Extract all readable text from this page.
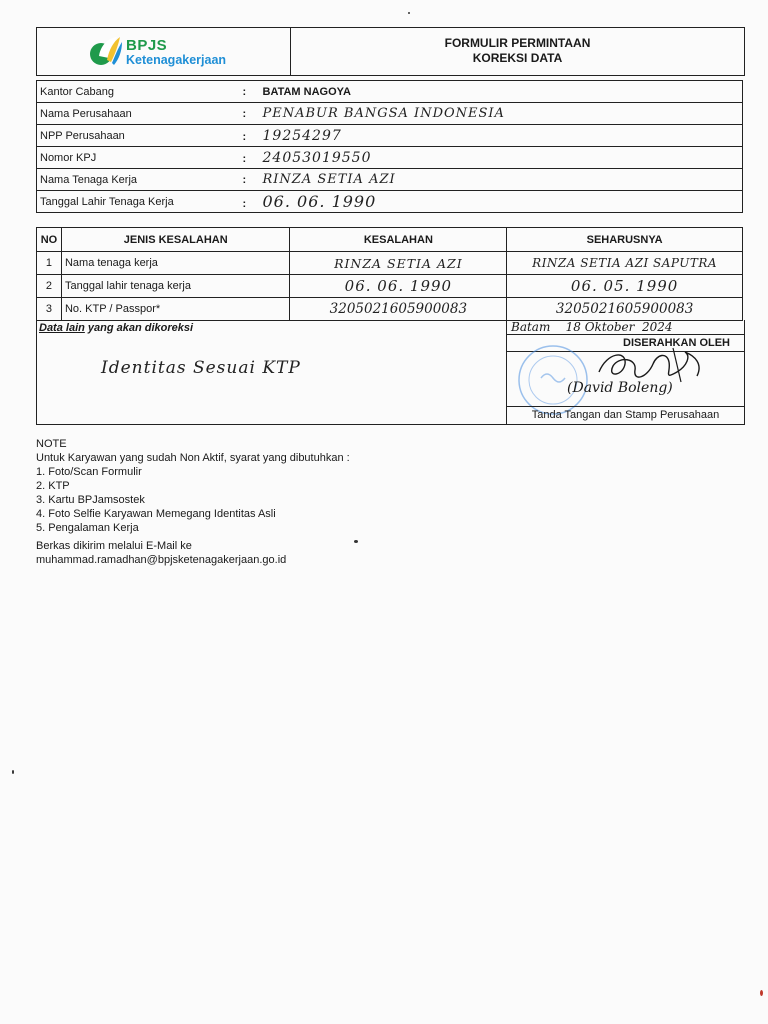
BPJS
Ketenagakerjaan
FORMULIR PERMINTAAN
KOREKSI DATA
Kantor Cabang	: BATAM NAGOYA
Nama Perusahaan	: PENABUR BANGSA INDONESIA
NPP Perusahaan	: 19254297
Nomor KPJ	: 24053019550
Nama Tenaga Kerja	: RINZA SETIA AZI
Tanggal Lahir Tenaga Kerja	: 06. 06. 1990
NO	JENIS KESALAHAN	KESALAHAN	SEHARUSNYA
1	Nama tenaga kerja	RINZA SETIA AZI	RINZA SETIA AZI SAPUTRA
2	Tanggal lahir tenaga kerja	06. 06. 1990	06. 05. 1990
3	No. KTP / Passpor*	3205021605900083	3205021605900083
Data lain yang akan dikoreksi
Identitas Sesuai KTP
Batam 18 Oktober 2024
DISERAHKAN OLEH
(David Boleng)
Tanda Tangan dan Stamp Perusahaan
NOTE
Untuk Karyawan yang sudah Non Aktif, syarat yang dibutuhkan :
1. Foto/Scan Formulir
2. KTP
3. Kartu BPJamsostek
4. Foto Selfie Karyawan Memegang Identitas Asli
5. Pengalaman Kerja
Berkas dikirim melalui E-Mail ke
muhammad.ramadhan@bpjsketenagakerjaan.go.id
